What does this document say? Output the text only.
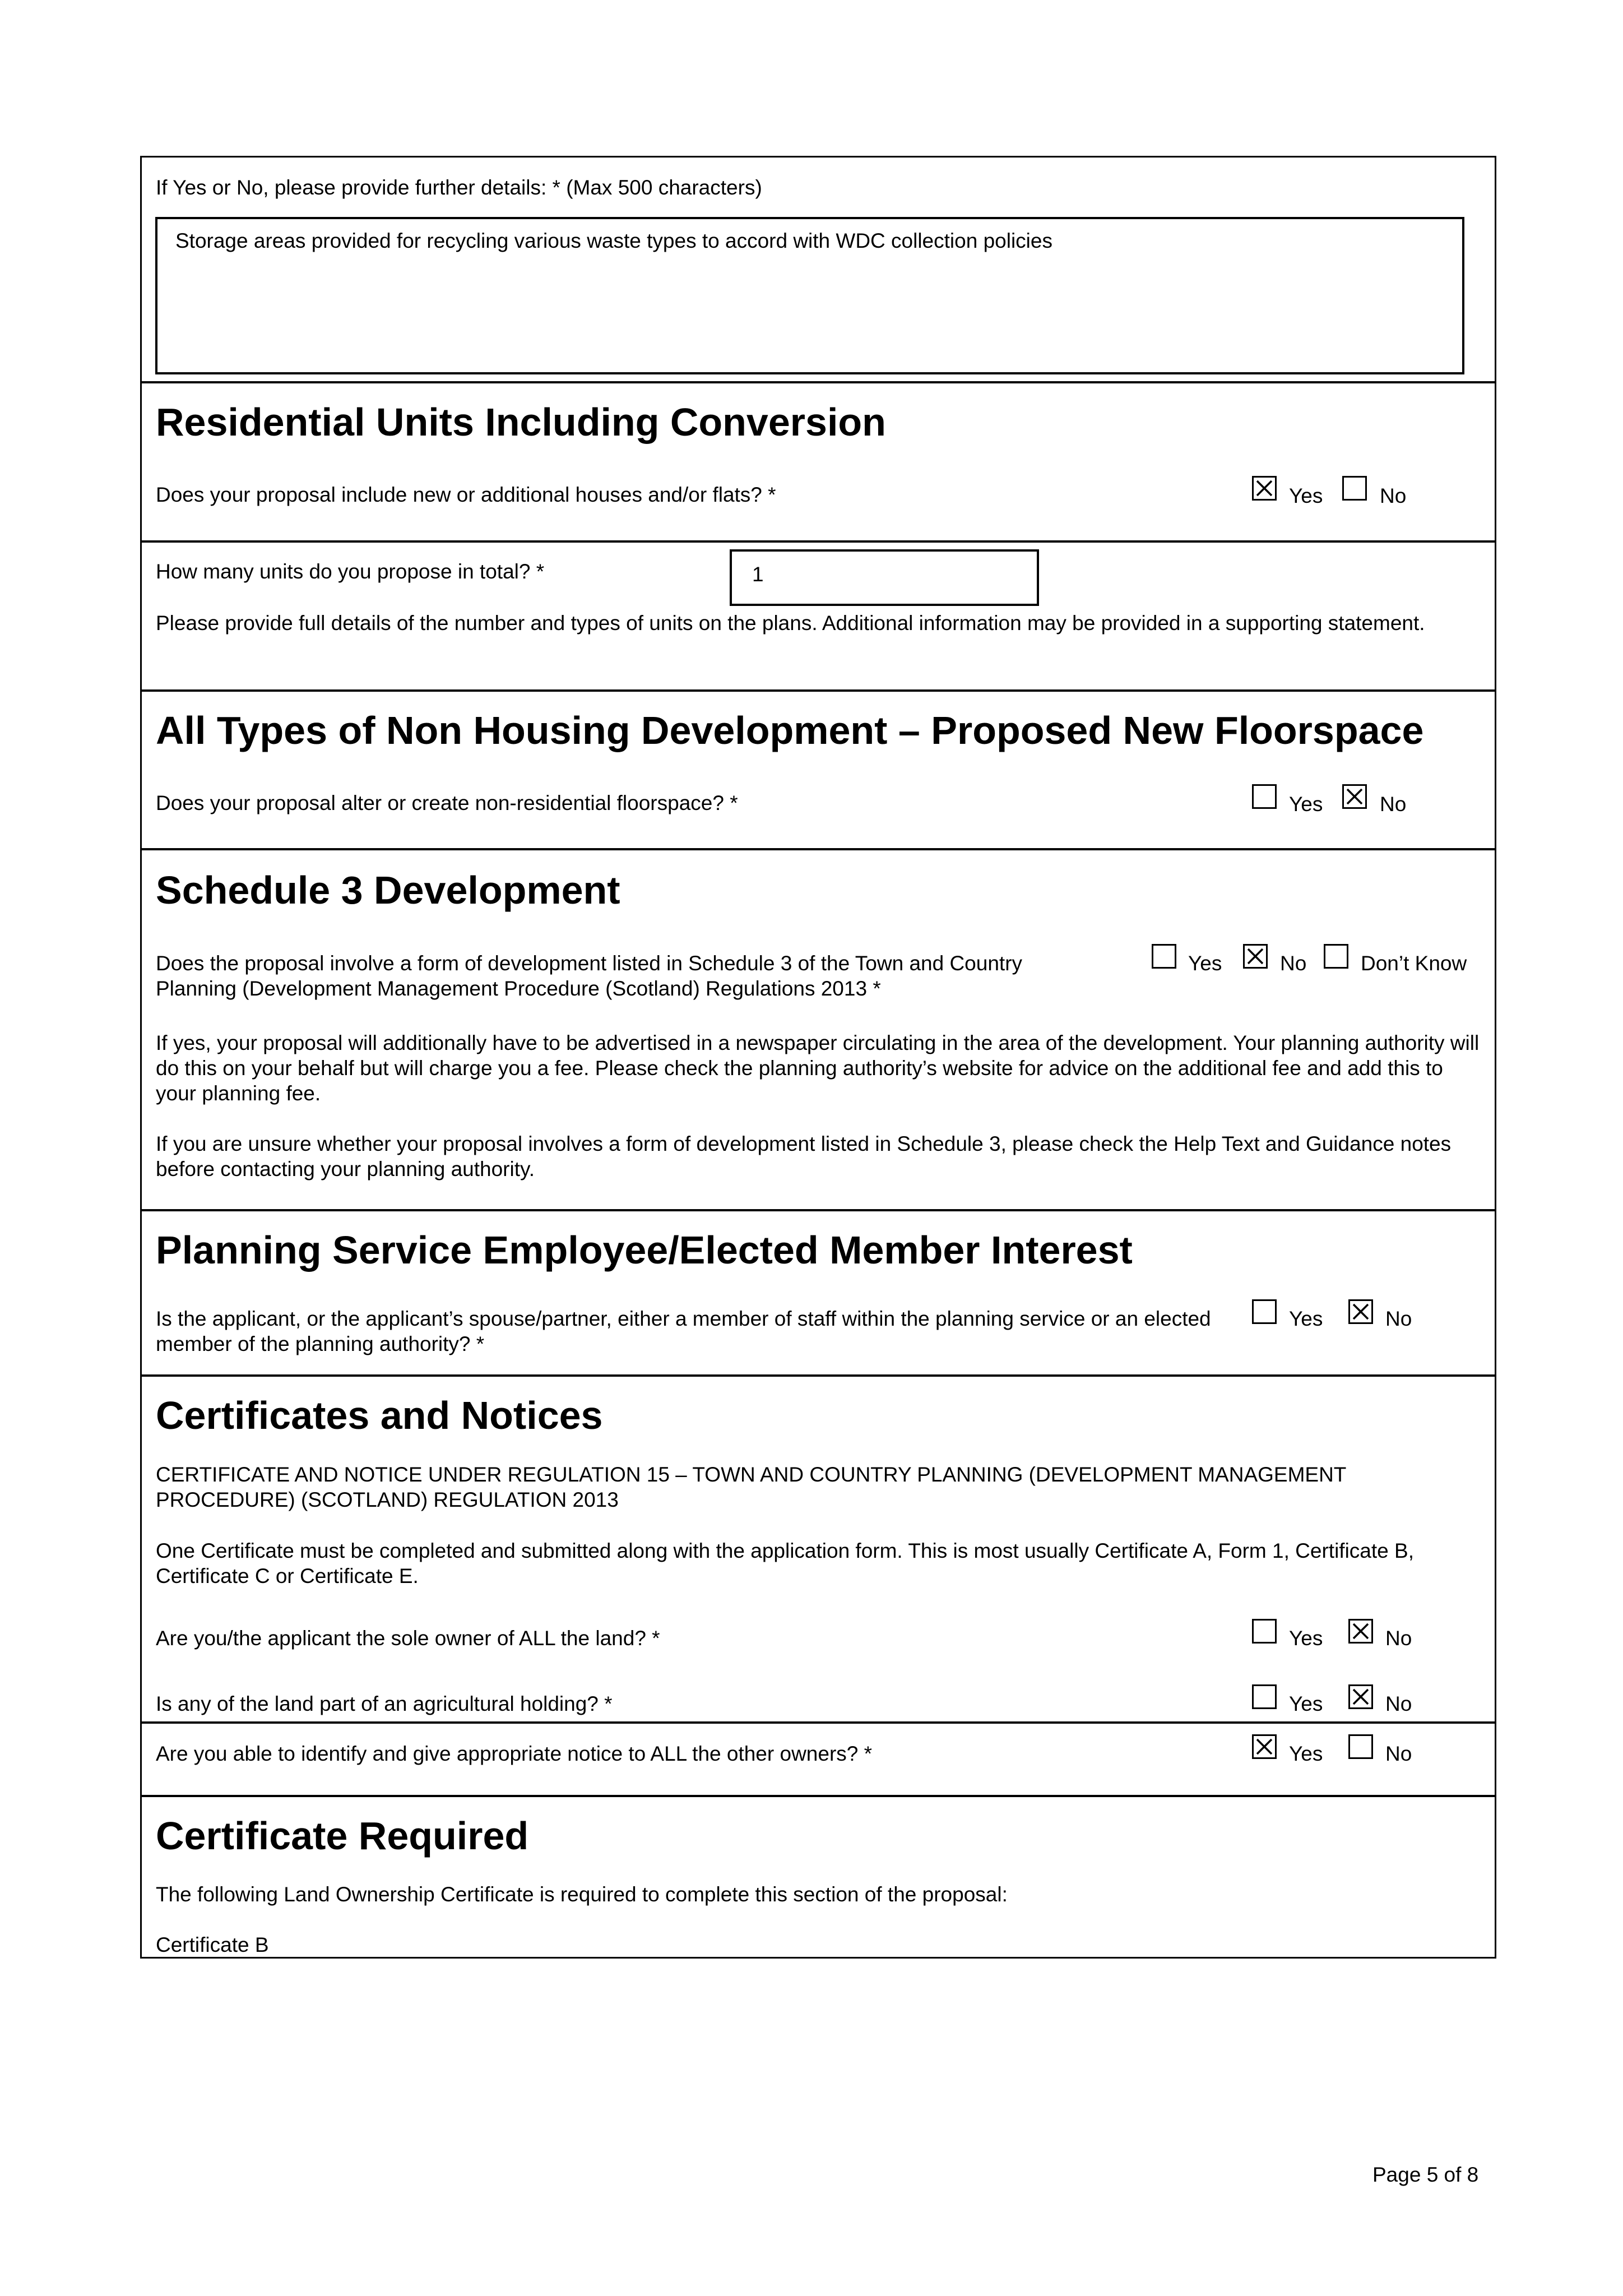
If Yes or No, please provide further details: * (Max 500 characters)
Storage areas provided for recycling various waste types to accord with WDC collection policies
Residential Units Including Conversion
Does your proposal include new or additional houses and/or flats? *	Yes	No
How many units do you propose in total? *	1
Please provide full details of the number and types of units on the plans. Additional information may be provided in a supporting statement.
All Types of Non Housing Development – Proposed New Floorspace
Does your proposal alter or create non-residential floorspace? *	Yes	No
Schedule 3 Development
Does the proposal involve a form of development listed in Schedule 3 of the Town and Country Planning (Development Management Procedure (Scotland) Regulations 2013 *
Yes	No	Don’t Know
If yes, your proposal will additionally have to be advertised in a newspaper circulating in the area of the development. Your planning authority will do this on your behalf but will charge you a fee. Please check the planning authority’s website for advice on the additional fee and add this to your planning fee.
If you are unsure whether your proposal involves a form of development listed in Schedule 3, please check the Help Text and Guidance notes before contacting your planning authority.
Planning Service Employee/Elected Member Interest
Is the applicant, or the applicant’s spouse/partner, either a member of staff within the planning service or an elected member of the planning authority? *
Yes	No
Certificates and Notices
CERTIFICATE AND NOTICE UNDER REGULATION 15 – TOWN AND COUNTRY PLANNING (DEVELOPMENT MANAGEMENT PROCEDURE) (SCOTLAND) REGULATION 2013
One Certificate must be completed and submitted along with the application form. This is most usually Certificate A, Form 1, Certificate B, Certificate C or Certificate E.
Are you/the applicant the sole owner of ALL the land? *	Yes	No
Is any of the land part of an agricultural holding? *	Yes	No
Are you able to identify and give appropriate notice to ALL the other owners? *	Yes	No
Certificate Required
The following Land Ownership Certificate is required to complete this section of the proposal:
Certificate B
Page 5 of 8
